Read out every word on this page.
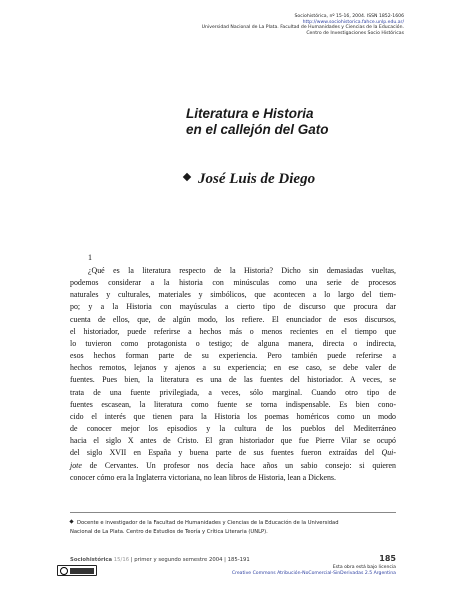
Sociohistórica, nº 15-16, 2004. ISSN 1852-1606
http://www.sociohistorica.fahce.unlp.edu.ar/
Universidad Nacional de La Plata. Facultad de Humanidades y Ciencias de la Educación.
Centro de Investigaciones Socio Históricas
Literatura e Historia
en el callejón del Gato
José Luis de Diego
1
¿Qué es la literatura respecto de la Historia? Dicho sin demasiadas vueltas,
podemos considerar a la historia con minúsculas como una serie de procesos
naturales y culturales, materiales y simbólicos, que acontecen a lo largo del tiem-
po; y a la Historia con mayúsculas a cierto tipo de discurso que procura dar
cuenta de ellos, que, de algún modo, los refiere. El enunciador de esos discursos,
el historiador, puede referirse a hechos más o menos recientes en el tiempo que
lo tuvieron como protagonista o testigo; de alguna manera, directa o indirecta,
esos hechos forman parte de su experiencia. Pero también puede referirse a
hechos remotos, lejanos y ajenos a su experiencia; en ese caso, se debe valer de
fuentes. Pues bien, la literatura es una de las fuentes del historiador. A veces, se
trata de una fuente privilegiada, a veces, sólo marginal. Cuando otro tipo de
fuentes escasean, la literatura como fuente se torna indispensable. Es bien cono-
cido el interés que tienen para la Historia los poemas homéricos como un modo
de conocer mejor los episodios y la cultura de los pueblos del Mediterráneo
hacia el siglo X antes de Cristo. El gran historiador que fue Pierre Vilar se ocupó
del siglo XVII en España y buena parte de sus fuentes fueron extraídas del Qui-
jote de Cervantes. Un profesor nos decía hace años un sabio consejo: si quieren
conocer cómo era la Inglaterra victoriana, no lean libros de Historia, lean a Dickens.
Docente e investigador de la Facultad de Humanidades y Ciencias de la Educación de la Universidad
Nacional de La Plata. Centro de Estudios de Teoría y Crítica Literaria (UNLP).
Sociohistórica 15/16 | primer y segundo semestre 2004 | 185-191	185
Esta obra está bajo licencia
Creative Commons Atribución-NoComercial-SinDerivadas 2.5 Argentina
